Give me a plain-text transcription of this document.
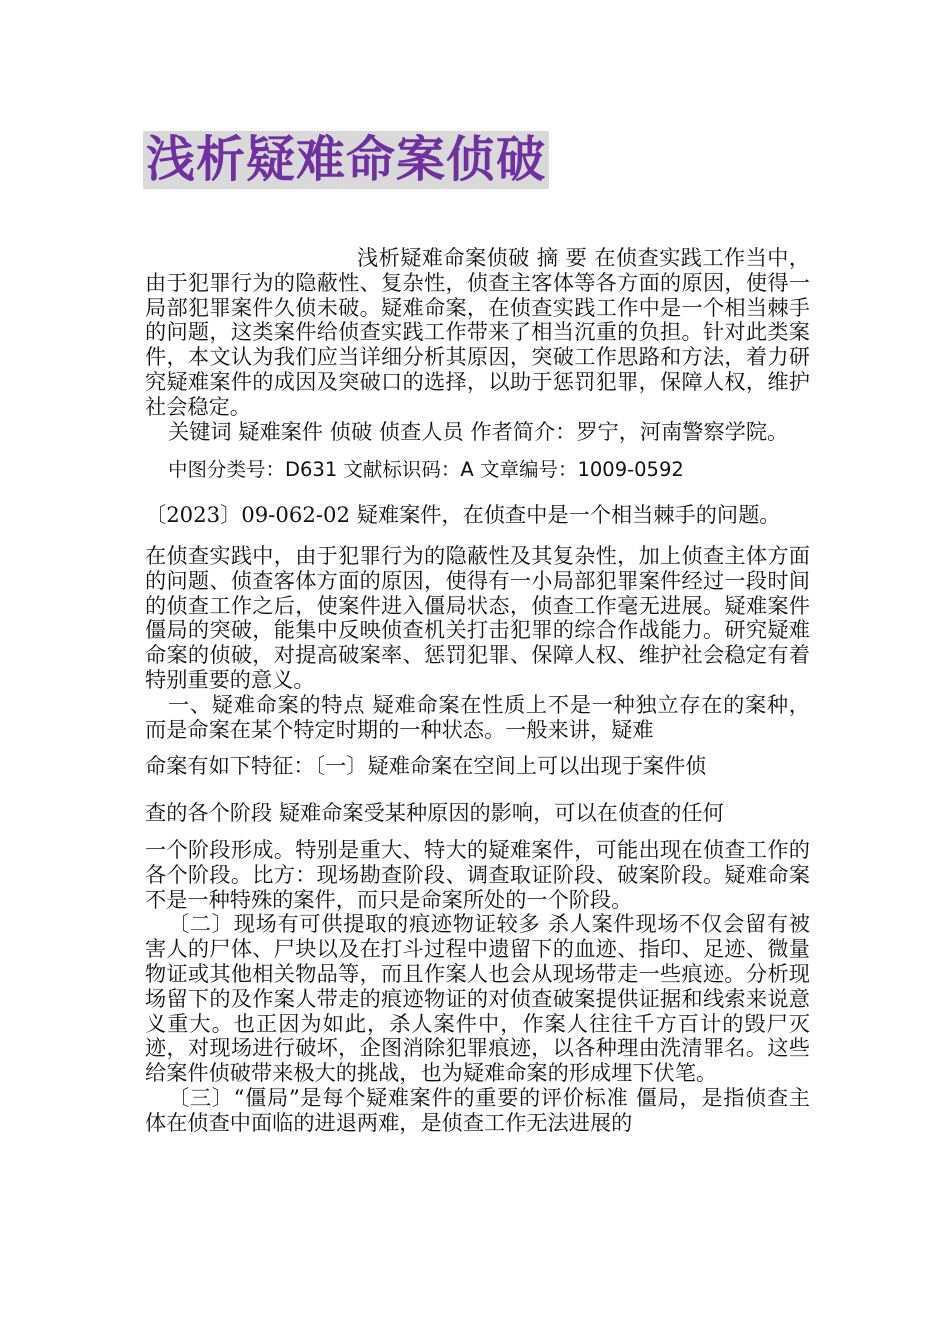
浅析疑难命案侦破

浅析疑难命案侦破 摘 要 在侦查实践工作当中，由于犯罪行为的隐蔽性、复杂性，侦查主客体等各方面的原因，使得一局部犯罪案件久侦未破。疑难命案，在侦查实践工作中是一个相当棘手的问题，这类案件给侦查实践工作带来了相当沉重的负担。针对此类案件，本文认为我们应当详细分析其原因，突破工作思路和方法，着力研究疑难案件的成因及突破口的选择，以助于惩罚犯罪，保障人权，维护社会稳定。

关键词 疑难案件 侦破 侦查人员 作者简介：罗宁，河南警察学院。

中图分类号：D631 文献标识码：A 文章编号：1009-0592

〔2023〕09-062-02 疑难案件，在侦查中是一个相当棘手的问题。

在侦查实践中，由于犯罪行为的隐蔽性及其复杂性，加上侦查主体方面的问题、侦查客体方面的原因，使得有一小局部犯罪案件经过一段时间的侦查工作之后，使案件进入僵局状态，侦查工作毫无进展。疑难案件僵局的突破，能集中反映侦查机关打击犯罪的综合作战能力。研究疑难命案的侦破，对提高破案率、惩罚犯罪、保障人权、维护社会稳定有着特别重要的意义。

一、疑难命案的特点 疑难命案在性质上不是一种独立存在的案种，而是命案在某个特定时期的一种状态。一般来讲，疑难

命案有如下特征：〔一〕疑难命案在空间上可以出现于案件侦

查的各个阶段 疑难命案受某种原因的影响，可以在侦查的任何

一个阶段形成。特别是重大、特大的疑难案件，可能出现在侦查工作的各个阶段。比方：现场勘查阶段、调查取证阶段、破案阶段。疑难命案不是一种特殊的案件，而只是命案所处的一个阶段。

〔二〕现场有可供提取的痕迹物证较多 杀人案件现场不仅会留有被害人的尸体、尸块以及在打斗过程中遗留下的血迹、指印、足迹、微量物证或其他相关物品等，而且作案人也会从现场带走一些痕迹。分析现场留下的及作案人带走的痕迹物证的对侦查破案提供证据和线索来说意义重大。也正因为如此，杀人案件中，作案人往往千方百计的毁尸灭迹，对现场进行破坏，企图消除犯罪痕迹，以各种理由洗清罪名。这些给案件侦破带来极大的挑战，也为疑难命案的形成埋下伏笔。

〔三〕“僵局”是每个疑难案件的重要的评价标准 僵局，是指侦查主体在侦查中面临的进退两难，是侦查工作无法进展的
